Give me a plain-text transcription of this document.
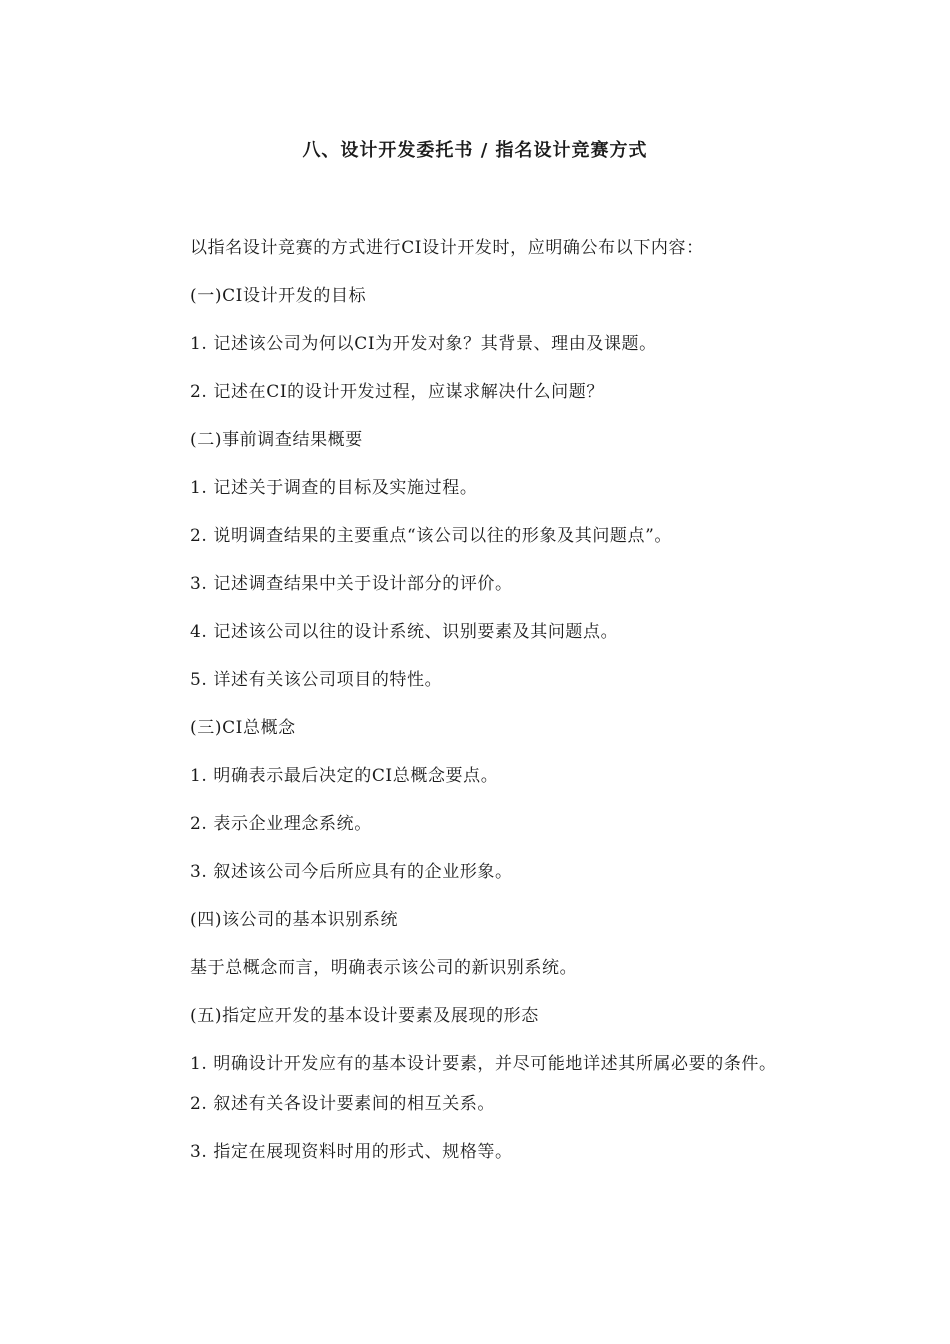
八、设计开发委托书 / 指名设计竞赛方式

以指名设计竞赛的方式进行CI设计开发时，应明确公布以下内容：

(一)CI设计开发的目标

1. 记述该公司为何以CI为开发对象？其背景、理由及课题。

2. 记述在CI的设计开发过程，应谋求解决什么问题？

(二)事前调查结果概要

1. 记述关于调查的目标及实施过程。

2. 说明调查结果的主要重点“该公司以往的形象及其问题点”。

3. 记述调查结果中关于设计部分的评价。

4. 记述该公司以往的设计系统、识别要素及其问题点。

5. 详述有关该公司项目的特性。

(三)CI总概念

1. 明确表示最后决定的CI总概念要点。

2. 表示企业理念系统。

3. 叙述该公司今后所应具有的企业形象。

(四)该公司的基本识别系统

基于总概念而言，明确表示该公司的新识别系统。

(五)指定应开发的基本设计要素及展现的形态

1. 明确设计开发应有的基本设计要素，并尽可能地详述其所属必要的条件。

2. 叙述有关各设计要素间的相互关系。

3. 指定在展现资料时用的形式、规格等。
